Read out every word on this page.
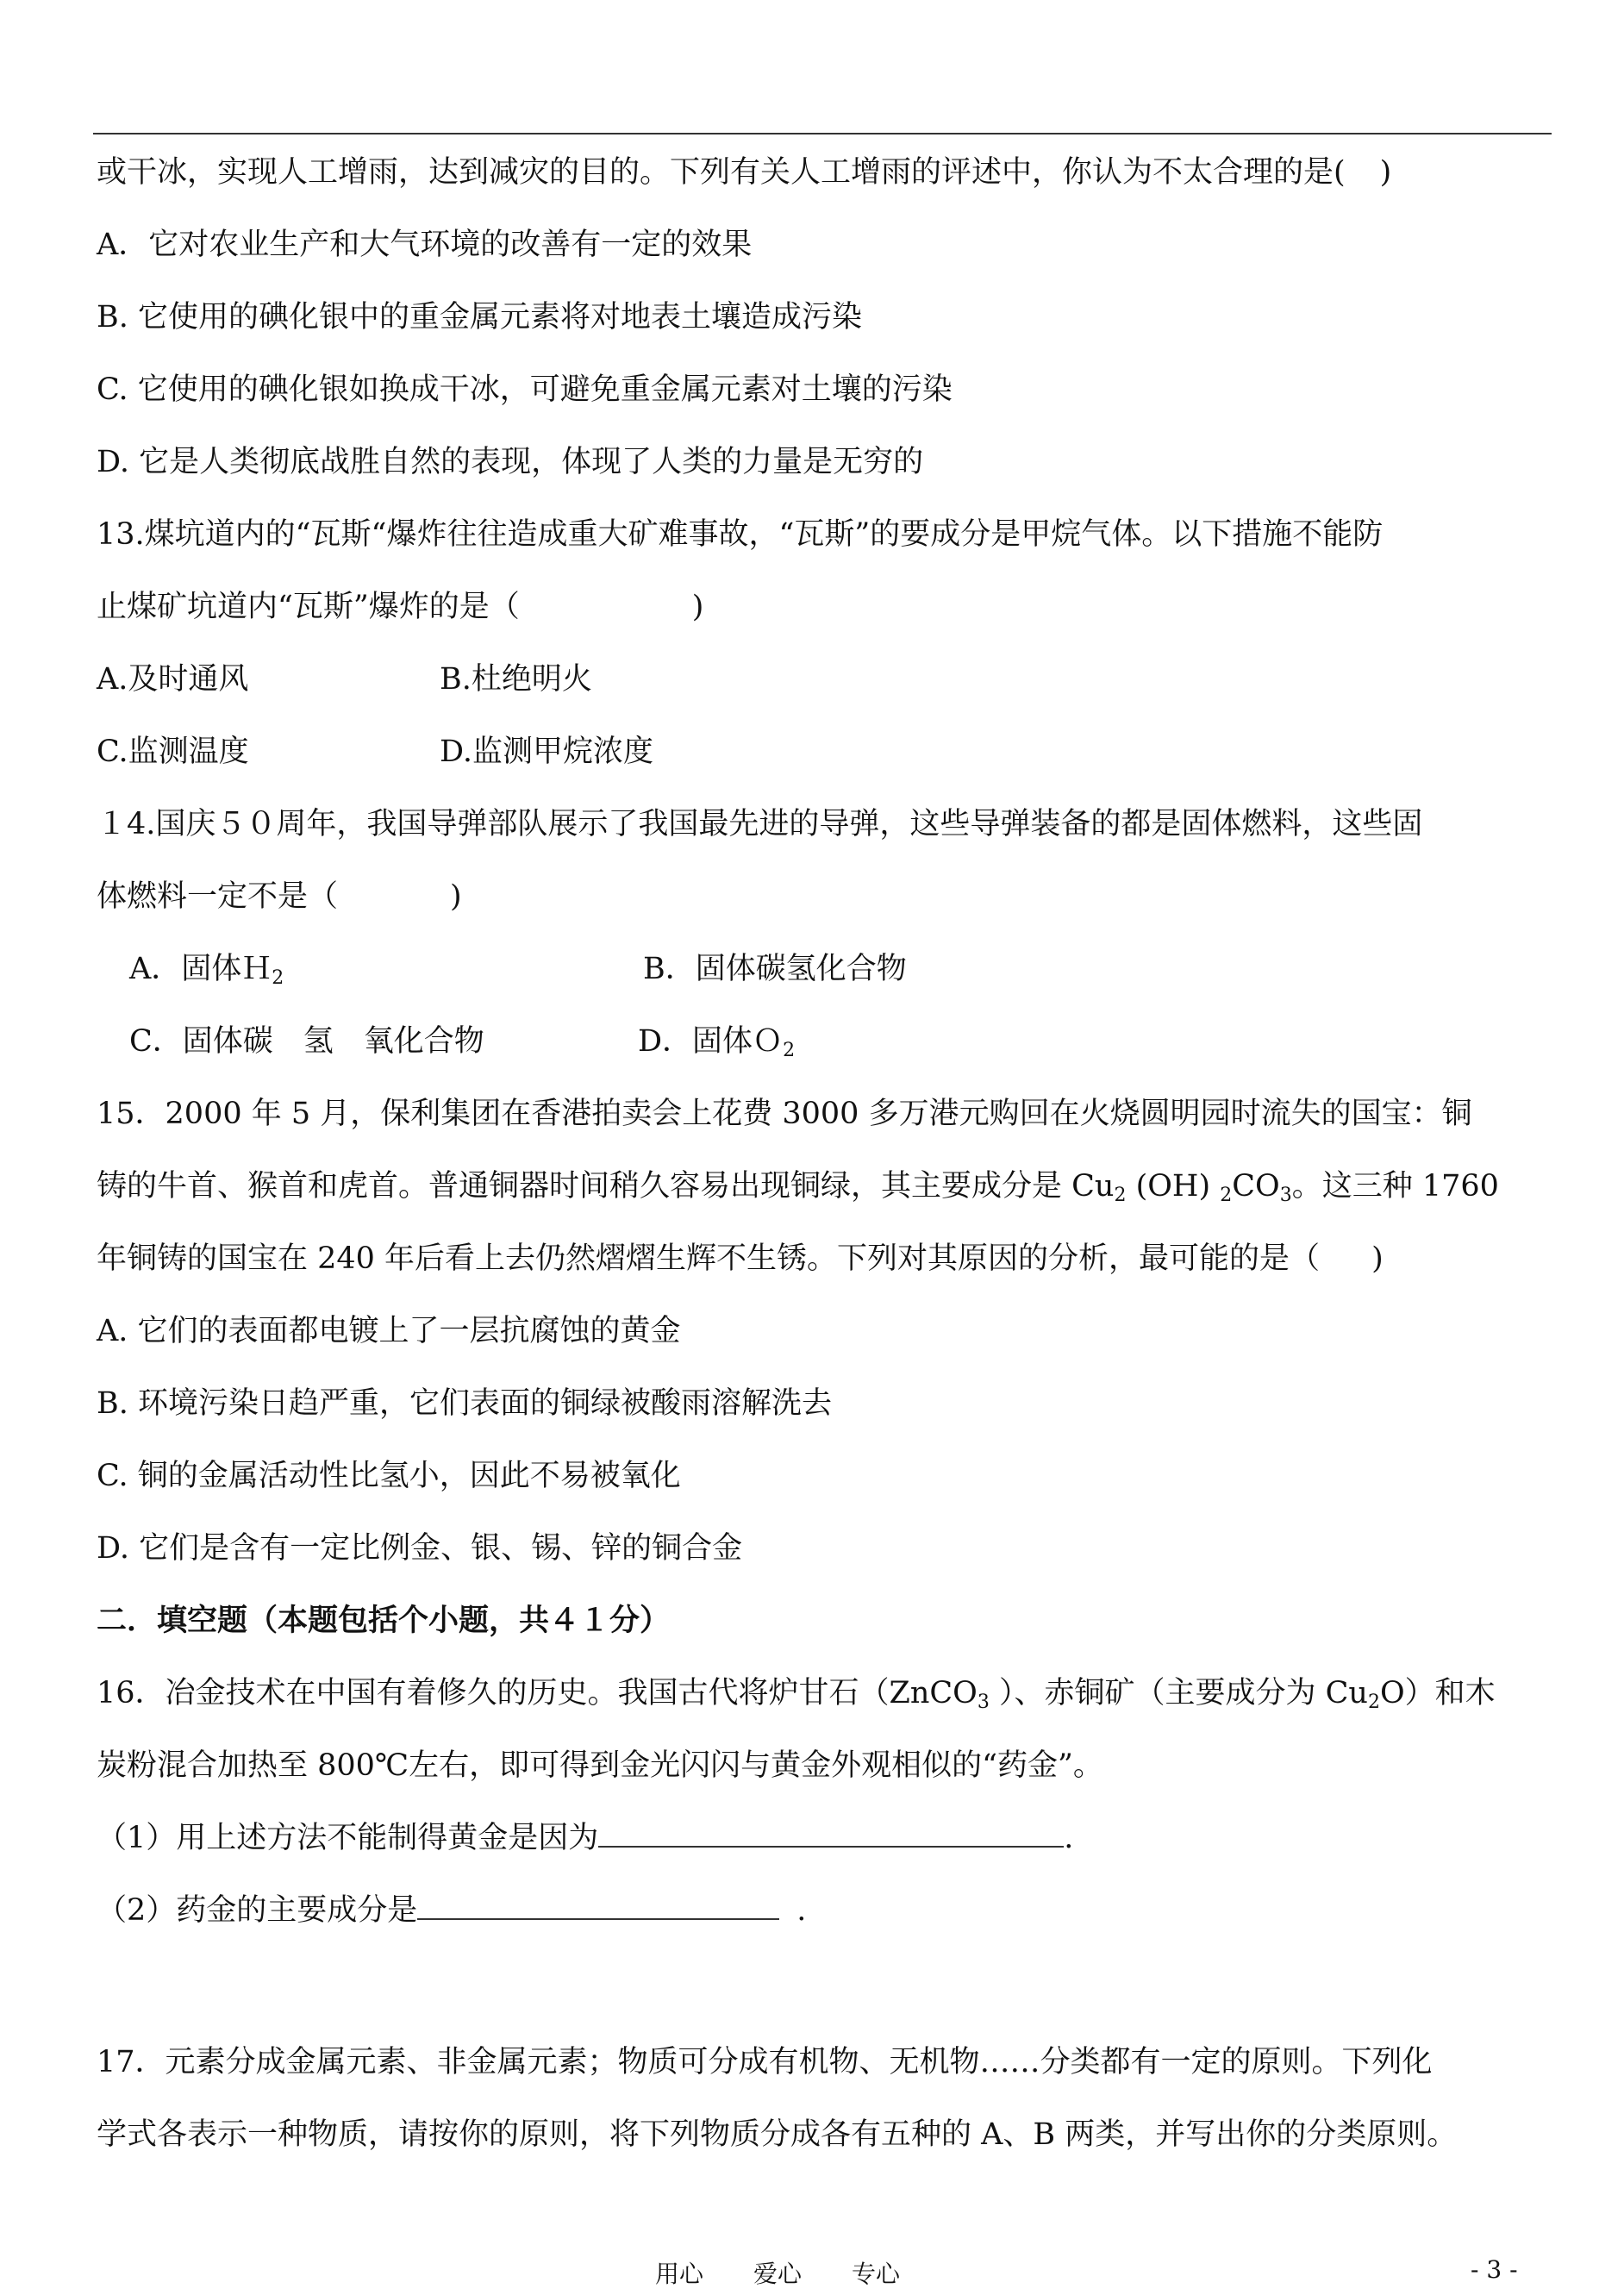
或干冰，实现人工增雨，达到减灾的目的。下列有关人工增雨的评述中，你认为不太合理的是( )
A．它对农业生产和大气环境的改善有一定的效果
B. 它使用的碘化银中的重金属元素将对地表土壤造成污染
C. 它使用的碘化银如换成干冰，可避免重金属元素对土壤的污染
D. 它是人类彻底战胜自然的表现，体现了人类的力量是无穷的
13.煤坑道内的“瓦斯“爆炸往往造成重大矿难事故，“瓦斯”的要成分是甲烷气体。以下措施不能防
止煤矿坑道内“瓦斯”爆炸的是（	)
A.及时通风	B.杜绝明火
C.监测温度	D.监测甲烷浓度
１4.国庆５０周年，我国导弹部队展示了我国最先进的导弹，这些导弹装备的都是固体燃料，这些固
体燃料一定不是（	)
A．固体Ｈ$_2$	B．固体碳氢化合物
C．固体碳　氢　氧化合物	D．固体Ｏ$_2$
15．2000 年 5 月，保利集团在香港拍卖会上花费 3000 多万港元购回在火烧圆明园时流失的国宝：铜
铸的牛首、猴首和虎首。普通铜器时间稍久容易出现铜绿，其主要成分是 $Cu_2$ (OH) $_2CO_3$。这三种 1760
年铜铸的国宝在 240 年后看上去仍然熠熠生辉不生锈。下列对其原因的分析，最可能的是（ )
A. 它们的表面都电镀上了一层抗腐蚀的黄金
B. 环境污染日趋严重，它们表面的铜绿被酸雨溶解洗去
C. 铜的金属活动性比氢小，因此不易被氧化
D. 它们是含有一定比例金、银、锡、锌的铜合金
二．填空题（本题包括个小题，共４１分）
16．冶金技术在中国有着修久的历史。我国古代将炉甘石（ZnCO$_3$ ）、赤铜矿（主要成分为 $Cu_2O$）和木
炭粉混合加热至 800℃左右，即可得到金光闪闪与黄金外观相似的“药金”。
（1）用上述方法不能制得黄金是因为	.
（2）药金的主要成分是	.
17．元素分成金属元素、非金属元素；物质可分成有机物、无机物……分类都有一定的原则。下列化
学式各表示一种物质，请按你的原则，将下列物质分成各有五种的 A、B 两类，并写出你的分类原则。
用心 爱心 专心	- 3 -
